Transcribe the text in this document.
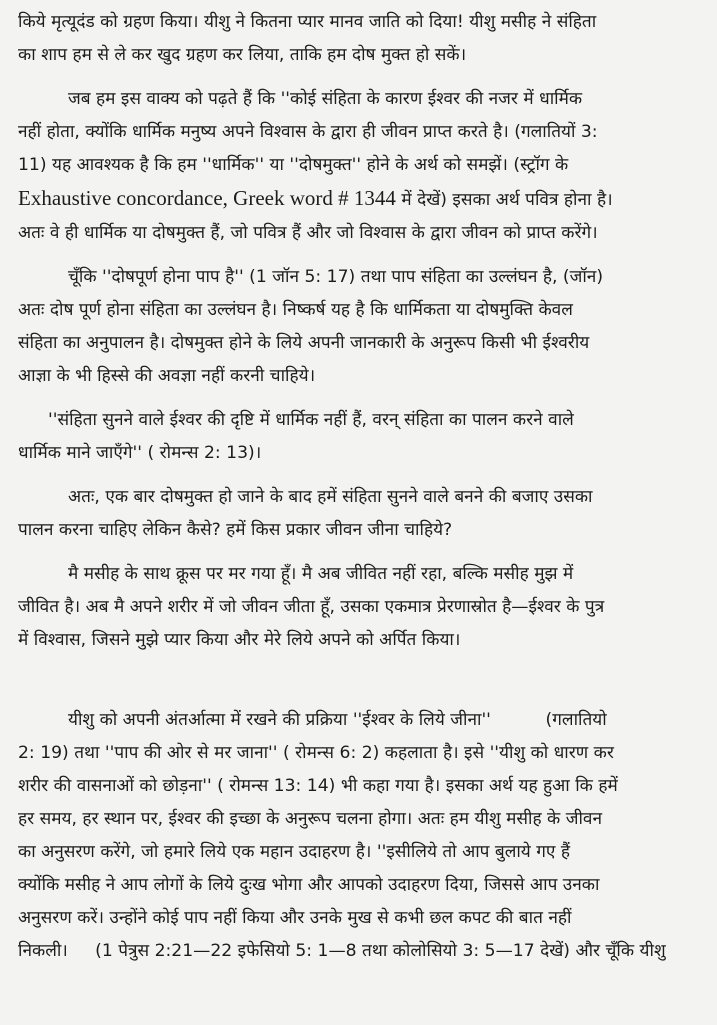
किये मृत्यूदंड को ग्रहण किया। यीशु ने कितना प्यार मानव जाति को दिया! यीशु मसीह ने संहिता
का शाप हम से ले कर खुद ग्रहण कर लिया, ताकि हम दोष मुक्त हो सकें।

जब हम इस वाक्य को पढ़ते हैं कि ''कोई संहिता के कारण ईश्वर की नजर में धार्मिक
नहीं होता, क्योंकि धार्मिक मनुष्य अपने विश्वास के द्वारा ही जीवन प्राप्त करते है। (गलातियों 3:
11) यह आवश्यक है कि हम ''धार्मिक'' या ''दोषमुक्त'' होने के अर्थ को समझें। (स्ट्रॉग के
Exhaustive concordance, Greek word # 1344 में देखें) इसका अर्थ पवित्र होना है।
अतः वे ही धार्मिक या दोषमुक्त हैं, जो पवित्र हैं और जो विश्वास के द्वारा जीवन को प्राप्त करेंगे।

चूँकि ''दोषपूर्ण होना पाप है'' (1 जॉन 5: 17) तथा पाप संहिता का उल्लंघन है, (जॉन)
अतः दोष पूर्ण होना संहिता का उल्लंघन है। निष्कर्ष यह है कि धार्मिकता या दोषमुक्ति केवल
संहिता का अनुपालन है। दोषमुक्त होने के लिये अपनी जानकारी के अनुरूप किसी भी ईश्वरीय
आज्ञा के भी हिस्से की अवज्ञा नहीं करनी चाहिये।

''संहिता सुनने वाले ईश्वर की दृष्टि में धार्मिक नहीं हैं, वरन् संहिता का पालन करने वाले
धार्मिक माने जाएँगे'' ( रोमन्स 2: 13)।

अतः, एक बार दोषमुक्त हो जाने के बाद हमें संहिता सुनने वाले बनने की बजाए उसका
पालन करना चाहिए लेकिन कैसे? हमें किस प्रकार जीवन जीना चाहिये?

मै मसीह के साथ क्रूस पर मर गया हूँ। मै अब जीवित नहीं रहा, बल्कि मसीह मुझ में
जीवित है। अब मै अपने शरीर में जो जीवन जीता हूँ, उसका एकमात्र प्रेरणास्रोत है—ईश्वर के पुत्र
में विश्वास, जिसने मुझे प्यार किया और मेरे लिये अपने को अर्पित किया।

यीशु को अपनी अंतर्आत्मा में रखने की प्रक्रिया ''ईश्वर के लिये जीना''          (गलातियो
2: 19) तथा ''पाप की ओर से मर जाना'' ( रोमन्स 6: 2) कहलाता है। इसे ''यीशु को धारण कर
शरीर की वासनाओं को छोड़ना'' ( रोमन्स 13: 14) भी कहा गया है। इसका अर्थ यह हुआ कि हमें
हर समय, हर स्थान पर, ईश्वर की इच्छा के अनुरूप चलना होगा। अतः हम यीशु मसीह के जीवन
का अनुसरण करेंगे, जो हमारे लिये एक महान उदाहरण है। ''इसीलिये तो आप बुलाये गए हैं
क्योंकि मसीह ने आप लोगों के लिये दुःख भोगा और आपको उदाहरण दिया, जिससे आप उनका
अनुसरण करें। उन्होंने कोई पाप नहीं किया और उनके मुख से कभी छल कपट की बात नहीं
निकली।     (1 पेत्रुस 2:21—22 इफेसियो 5: 1—8 तथा कोलोसियो 3: 5—17 देखें) और चूँकि यीशु
